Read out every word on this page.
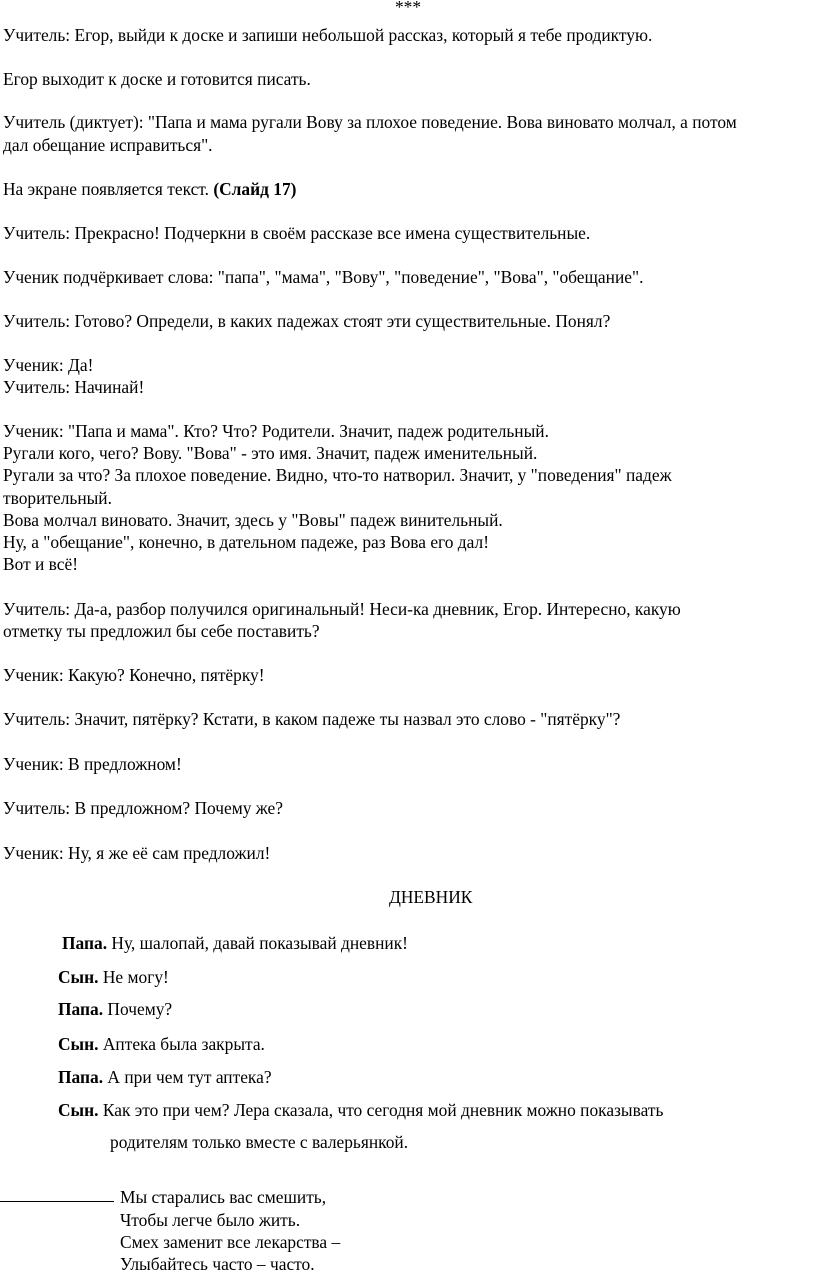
***
Учитель: Егор, выйди к доске и запиши небольшой рассказ, который я тебе продиктую.
Егор выходит к доске и готовится писать.
Учитель (диктует): "Папа и мама ругали Вову за плохое поведение. Вова виновато молчал, а потом
дал обещание исправиться".
На экране появляется текст. (Слайд 17)
Учитель: Прекрасно! Подчеркни в своём рассказе все имена существительные.
Ученик подчёркивает слова: "папа", "мама", "Вову", "поведение", "Вова", "обещание".
Учитель: Готово? Определи, в каких падежах стоят эти существительные. Понял?
Ученик: Да!
Учитель: Начинай!
Ученик: "Папа и мама". Кто? Что? Родители. Значит, падеж родительный.
Ругали кого, чего? Вову. "Вова" - это имя. Значит, падеж именительный.
Ругали за что? За плохое поведение. Видно, что-то натворил. Значит, у "поведения" падеж
творительный.
Вова молчал виновато. Значит, здесь у "Вовы" падеж винительный.
Ну, а "обещание", конечно, в дательном падеже, раз Вова его дал!
Вот и всё!
Учитель: Да-а, разбор получился оригинальный! Неси-ка дневник, Егор. Интересно, какую
отметку ты предложил бы себе поставить?
Ученик: Какую? Конечно, пятёрку!
Учитель: Значит, пятёрку? Кстати, в каком падеже ты назвал это слово - "пятёрку"?
Ученик: В предложном!
Учитель: В предложном? Почему же?
Ученик: Ну, я же её сам предложил!
ДНЕВНИК
Папа. Ну, шалопай, давай показывай дневник!
Сын. Не могу!
Папа. Почему?
Сын. Аптека была закрыта.
Папа. А при чем тут аптека?
Сын. Как это при чем? Лера сказала, что сегодня мой дневник можно показывать
родителям только вместе с валерьянкой.
Мы старались вас смешить,
Чтобы легче было жить.
Смех заменит все лекарства –
Улыбайтесь часто – часто.
